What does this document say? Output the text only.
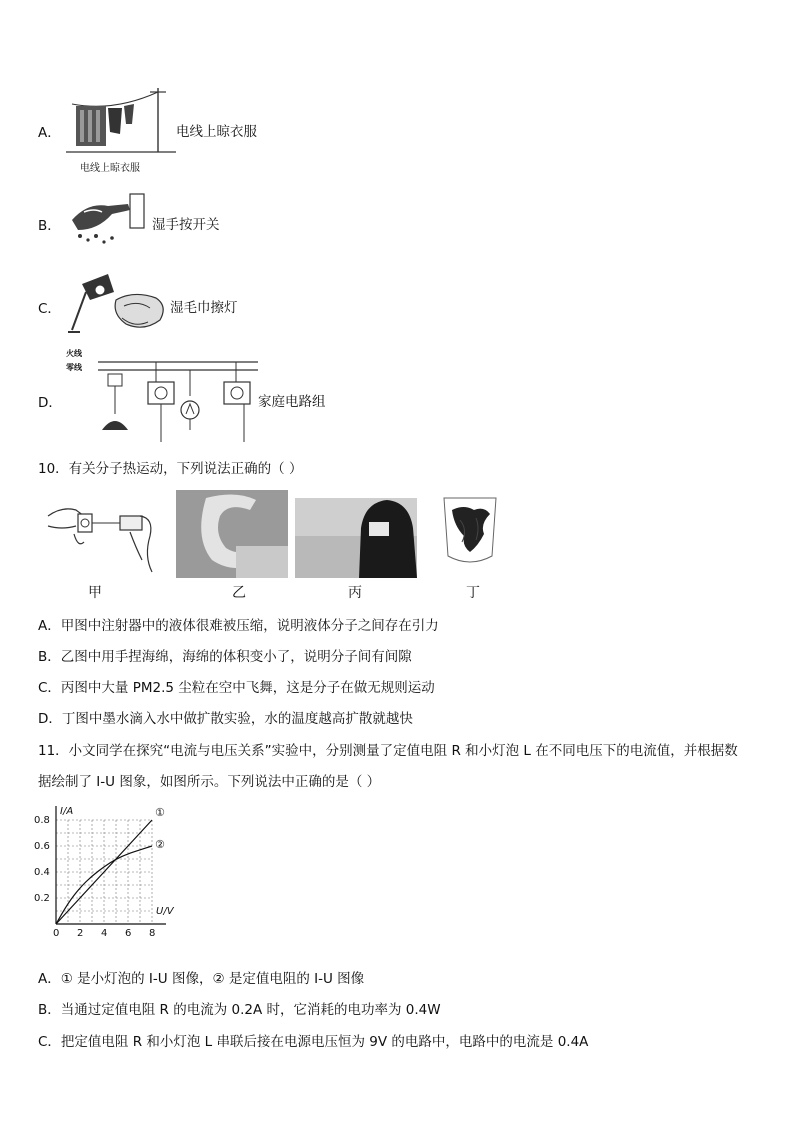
A．
电线上晾衣服
电线上晾衣服
B．	湿手按开关
C．	湿毛巾擦灯
D．
火线
零线
家庭电路组
10．有关分子热运动，下列说法正确的（ ）
甲	乙	丙	丁
A．甲图中注射器中的液体很难被压缩，说明液体分子之间存在引力
B．乙图中用手捏海绵，海绵的体积变小了，说明分子间有间隙
C．丙图中大量 PM2.5 尘粒在空中飞舞，这是分子在做无规则运动
D．丁图中墨水滴入水中做扩散实验，水的温度越高扩散就越快
11．小文同学在探究“电流与电压关系”实验中，分别测量了定值电阻 R 和小灯泡 L 在不同电压下的电流值，并根据数
据绘制了 I-U 图象，如图所示。下列说法中正确的是（ ）
0 2 4 6 8
0.2
0.4
0.6
0.8
I/A
U/V
①
②
A．① 是小灯泡的 I-U 图像，② 是定值电阻的 I-U 图像
B．当通过定值电阻 R 的电流为 0.2A 时，它消耗的电功率为 0.4W
C．把定值电阻 R 和小灯泡 L 串联后接在电源电压恒为 9V 的电路中，电路中的电流是 0.4A
